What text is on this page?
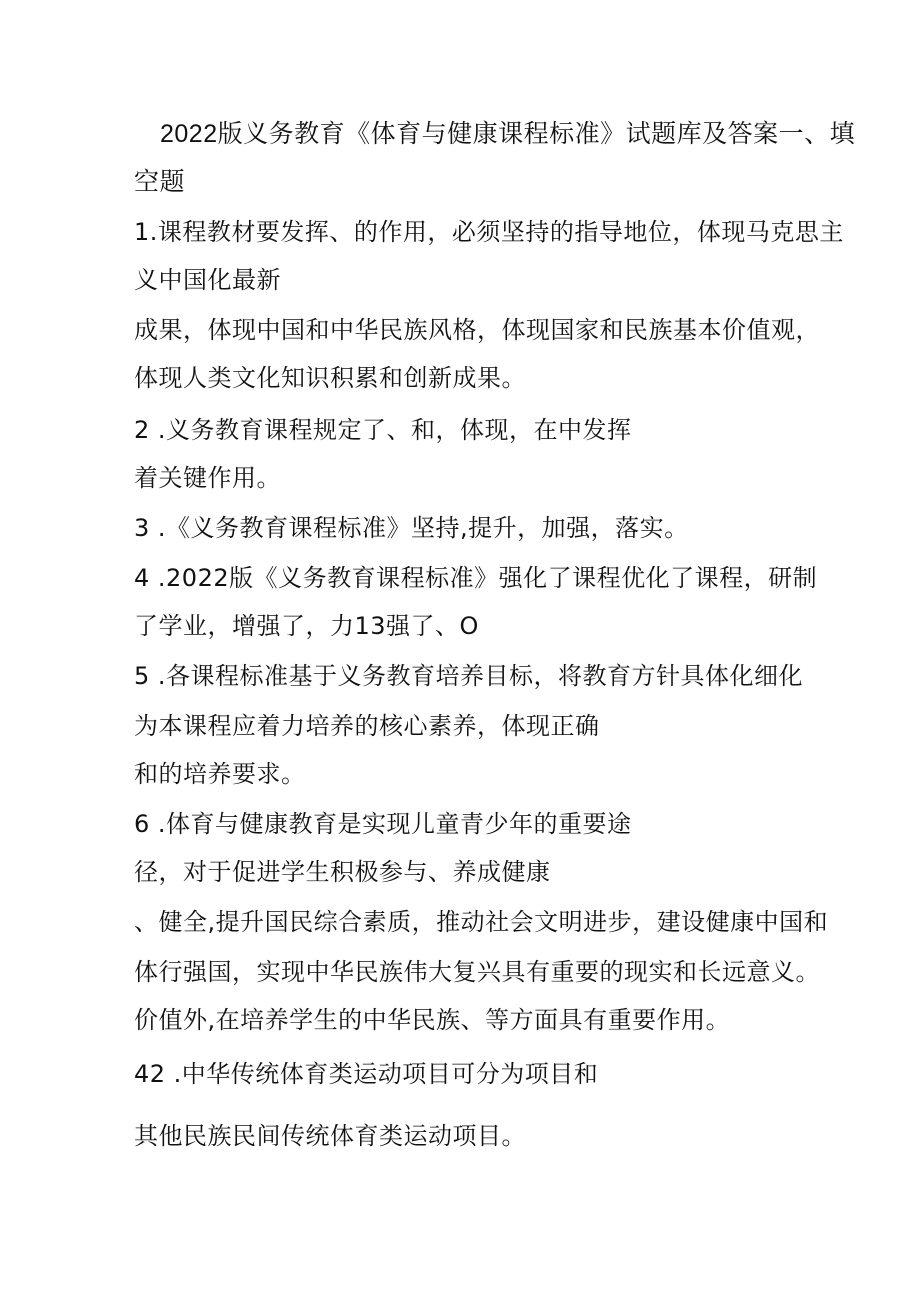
2022版义务教育《体育与健康课程标准》试题库及答案一、填
空题
1.课程教材要发挥、的作用，必须坚持的指导地位，体现马克思主
义中国化最新
成果，体现中国和中华民族风格，体现国家和民族基本价值观，
体现人类文化知识积累和创新成果。
2 .义务教育课程规定了、和，体现，在中发挥
着关键作用。
3 .《义务教育课程标准》坚持,提升，加强，落实。
4 .2022版《义务教育课程标准》强化了课程优化了课程，研制
了学业，增强了，力13强了、O
5 .各课程标准基于义务教育培养目标，将教育方针具体化细化
为本课程应着力培养的核心素养，体现正确
和的培养要求。
6 .体育与健康教育是实现儿童青少年的重要途
径，对于促进学生积极参与、养成健康
、健全,提升国民综合素质，推动社会文明进步，建设健康中国和
体行强国，实现中华民族伟大复兴具有重要的现实和长远意义。
价值外,在培养学生的中华民族、等方面具有重要作用。
42 .中华传统体育类运动项目可分为项目和
其他民族民间传统体育类运动项目。
